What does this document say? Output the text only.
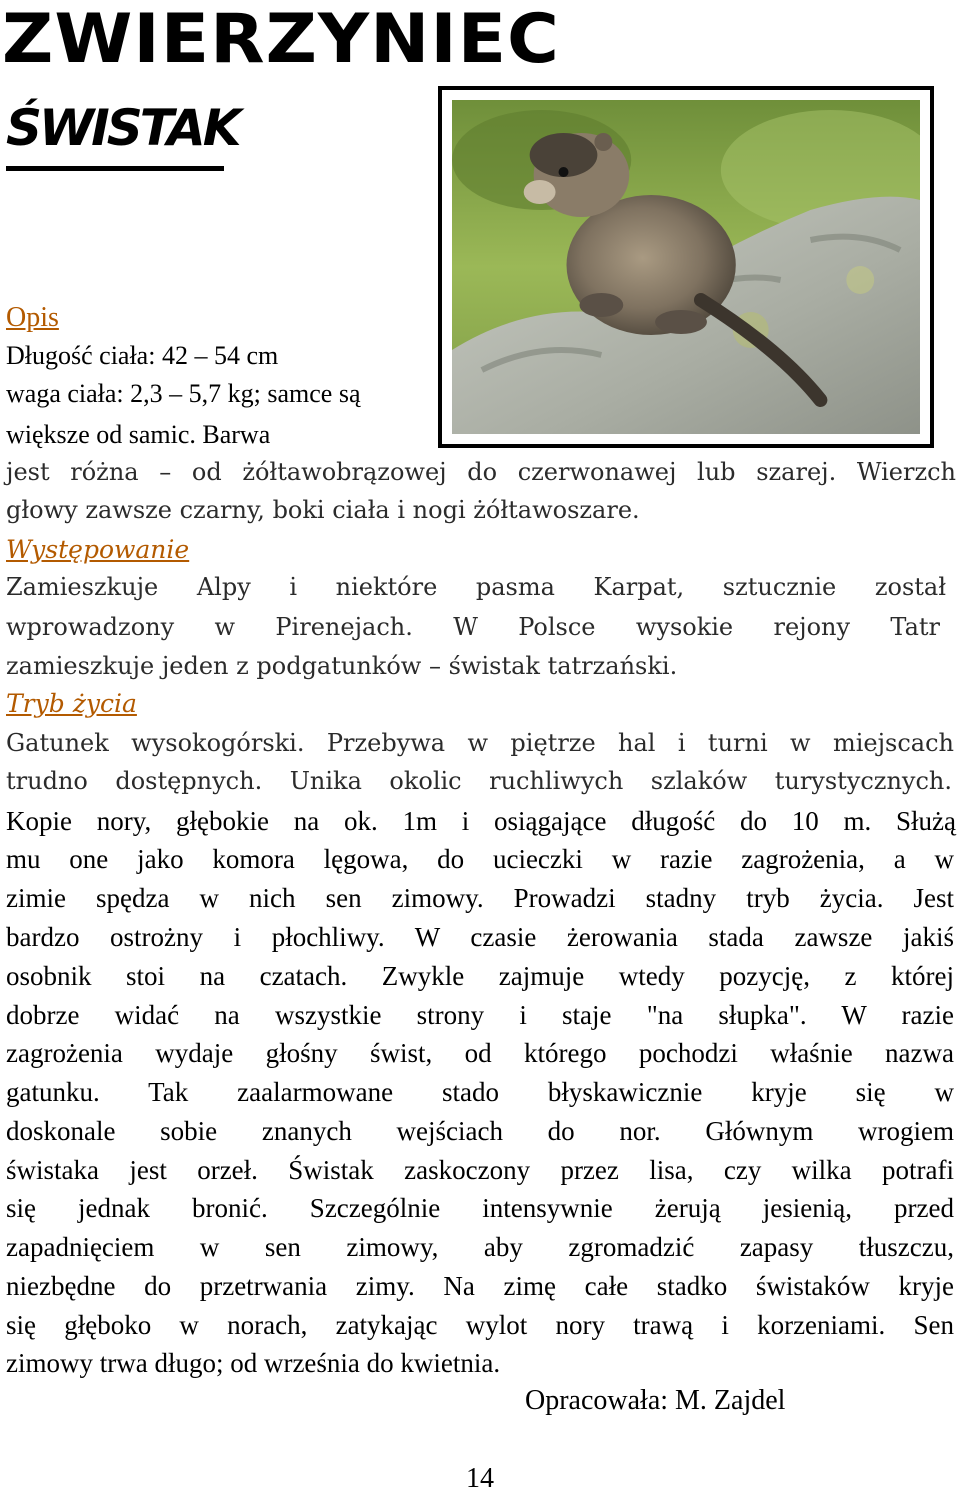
ZWIERZYNIEC
ŚWISTAK
Opis
Długość ciała: 42 – 54 cm
waga ciała: 2,3 – 5,7 kg; samce są
większe od samic. Barwa
jest różna – od żółtawobrązowej do czerwonawej lub szarej. Wierzch
głowy zawsze czarny, boki ciała i nogi żółtawoszare.
Występowanie
Zamieszkuje Alpy i niektóre pasma Karpat, sztucznie został
wprowadzony w Pirenejach. W Polsce wysokie rejony Tatr
zamieszkuje jeden z podgatunków – świstak tatrzański.
Tryb życia
Gatunek wysokogórski. Przebywa w piętrze hal i turni w miejscach
trudno dostępnych. Unika okolic ruchliwych szlaków turystycznych.
Kopie nory, głębokie na ok. 1m i osiągające długość do 10 m. Służą
mu one jako komora lęgowa, do ucieczki w razie zagrożenia, a w
zimie spędza w nich sen zimowy. Prowadzi stadny tryb życia. Jest
bardzo ostrożny i płochliwy. W czasie żerowania stada zawsze jakiś
osobnik stoi na czatach. Zwykle zajmuje wtedy pozycję, z której
dobrze widać na wszystkie strony i staje "na słupka". W razie
zagrożenia wydaje głośny świst, od którego pochodzi właśnie nazwa
gatunku. Tak zaalarmowane stado błyskawicznie kryje się w
doskonale sobie znanych wejściach do nor. Głównym wrogiem
świstaka jest orzeł. Świstak zaskoczony przez lisa, czy wilka potrafi
się jednak bronić. Szczególnie intensywnie żerują jesienią, przed
zapadnięciem w sen zimowy, aby zgromadzić zapasy tłuszczu,
niezbędne do przetrwania zimy. Na zimę całe stadko świstaków kryje
się głęboko w norach, zatykając wylot nory trawą i korzeniami. Sen
zimowy trwa długo; od września do kwietnia.
Opracowała: M. Zajdel
14
